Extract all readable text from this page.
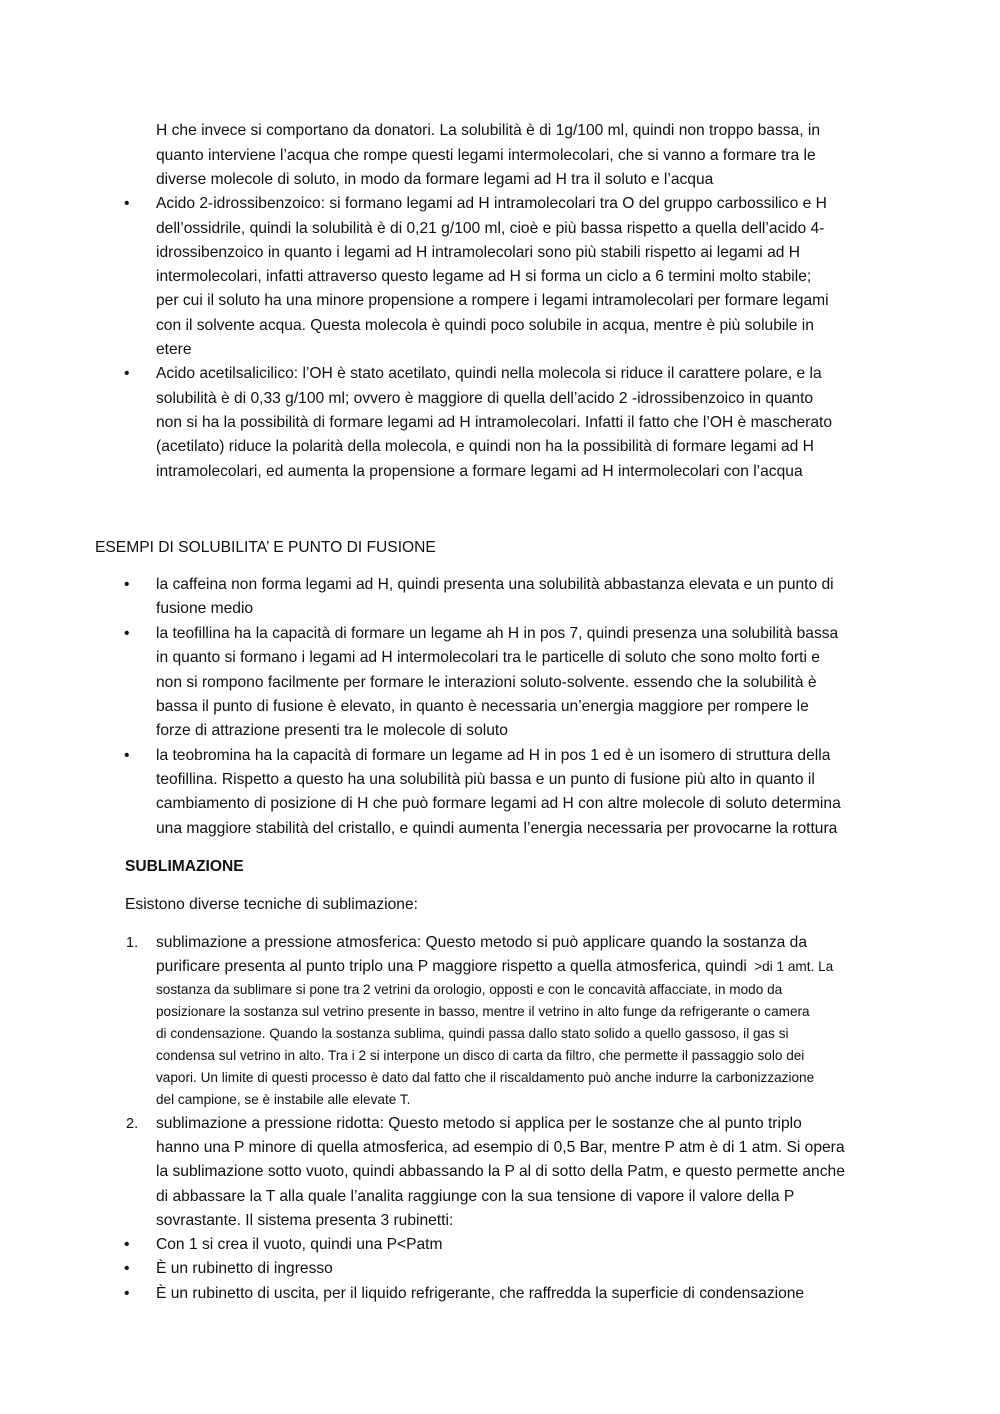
H che invece si comportano da donatori. La solubilità è di 1g/100 ml, quindi non troppo bassa, in
quanto interviene l’acqua che rompe questi legami intermolecolari, che si vanno a formare tra le
diverse molecole di soluto, in modo da formare legami ad H tra il soluto e l’acqua
• Acido 2-idrossibenzoico: si formano legami ad H intramolecolari tra O del gruppo carbossilico e H
dell’ossidrile, quindi la solubilità è di 0,21 g/100 ml, cioè e più bassa rispetto a quella dell’acido 4-
idrossibenzoico in quanto i legami ad H intramolecolari sono più stabili rispetto ai legami ad H
intermolecolari, infatti attraverso questo legame ad H si forma un ciclo a 6 termini molto stabile;
per cui il soluto ha una minore propensione a rompere i legami intramolecolari per formare legami
con il solvente acqua. Questa molecola è quindi poco solubile in acqua, mentre è più solubile in
etere
• Acido acetilsalicilico: l’OH è stato acetilato, quindi nella molecola si riduce il carattere polare, e la
solubilità è di 0,33 g/100 ml; ovvero è maggiore di quella dell’acido 2 -idrossibenzoico in quanto
non si ha la possibilità di formare legami ad H intramolecolari. Infatti il fatto che l’OH è mascherato
(acetilato) riduce la polarità della molecola, e quindi non ha la possibilità di formare legami ad H
intramolecolari, ed aumenta la propensione a formare legami ad H intermolecolari con l’acqua
ESEMPI DI SOLUBILITA’ E PUNTO DI FUSIONE
• la caffeina non forma legami ad H, quindi presenta una solubilità abbastanza elevata e un punto di
fusione medio
• la teofillina ha la capacità di formare un legame ah H in pos 7, quindi presenza una solubilità bassa
in quanto si formano i legami ad H intermolecolari tra le particelle di soluto che sono molto forti e
non si rompono facilmente per formare le interazioni soluto-solvente. essendo che la solubilità è
bassa il punto di fusione è elevato, in quanto è necessaria un’energia maggiore per rompere le
forze di attrazione presenti tra le molecole di soluto
• la teobromina ha la capacità di formare un legame ad H in pos 1 ed è un isomero di struttura della
teofillina. Rispetto a questo ha una solubilità più bassa e un punto di fusione più alto in quanto il
cambiamento di posizione di H che può formare legami ad H con altre molecole di soluto determina
una maggiore stabilità del cristallo, e quindi aumenta l’energia necessaria per provocarne la rottura
SUBLIMAZIONE
Esistono diverse tecniche di sublimazione:
1. sublimazione a pressione atmosferica: Questo metodo si può applicare quando la sostanza da
purificare presenta al punto triplo una P maggiore rispetto a quella atmosferica, quindi >di 1 amt. La
sostanza da sublimare si pone tra 2 vetrini da orologio, opposti e con le concavità affacciate, in modo da
posizionare la sostanza sul vetrino presente in basso, mentre il vetrino in alto funge da refrigerante o camera
di condensazione. Quando la sostanza sublima, quindi passa dallo stato solido a quello gassoso, il gas si
condensa sul vetrino in alto. Tra i 2 si interpone un disco di carta da filtro, che permette il passaggio solo dei
vapori. Un limite di questi processo è dato dal fatto che il riscaldamento può anche indurre la carbonizzazione
del campione, se è instabile alle elevate T.
2. sublimazione a pressione ridotta: Questo metodo si applica per le sostanze che al punto triplo
hanno una P minore di quella atmosferica, ad esempio di 0,5 Bar, mentre P atm è di 1 atm. Si opera
la sublimazione sotto vuoto, quindi abbassando la P al di sotto della Patm, e questo permette anche
di abbassare la T alla quale l’analita raggiunge con la sua tensione di vapore il valore della P
sovrastante. Il sistema presenta 3 rubinetti:
• Con 1 si crea il vuoto, quindi una P<Patm
• È un rubinetto di ingresso
• È un rubinetto di uscita, per il liquido refrigerante, che raffredda la superficie di condensazione
